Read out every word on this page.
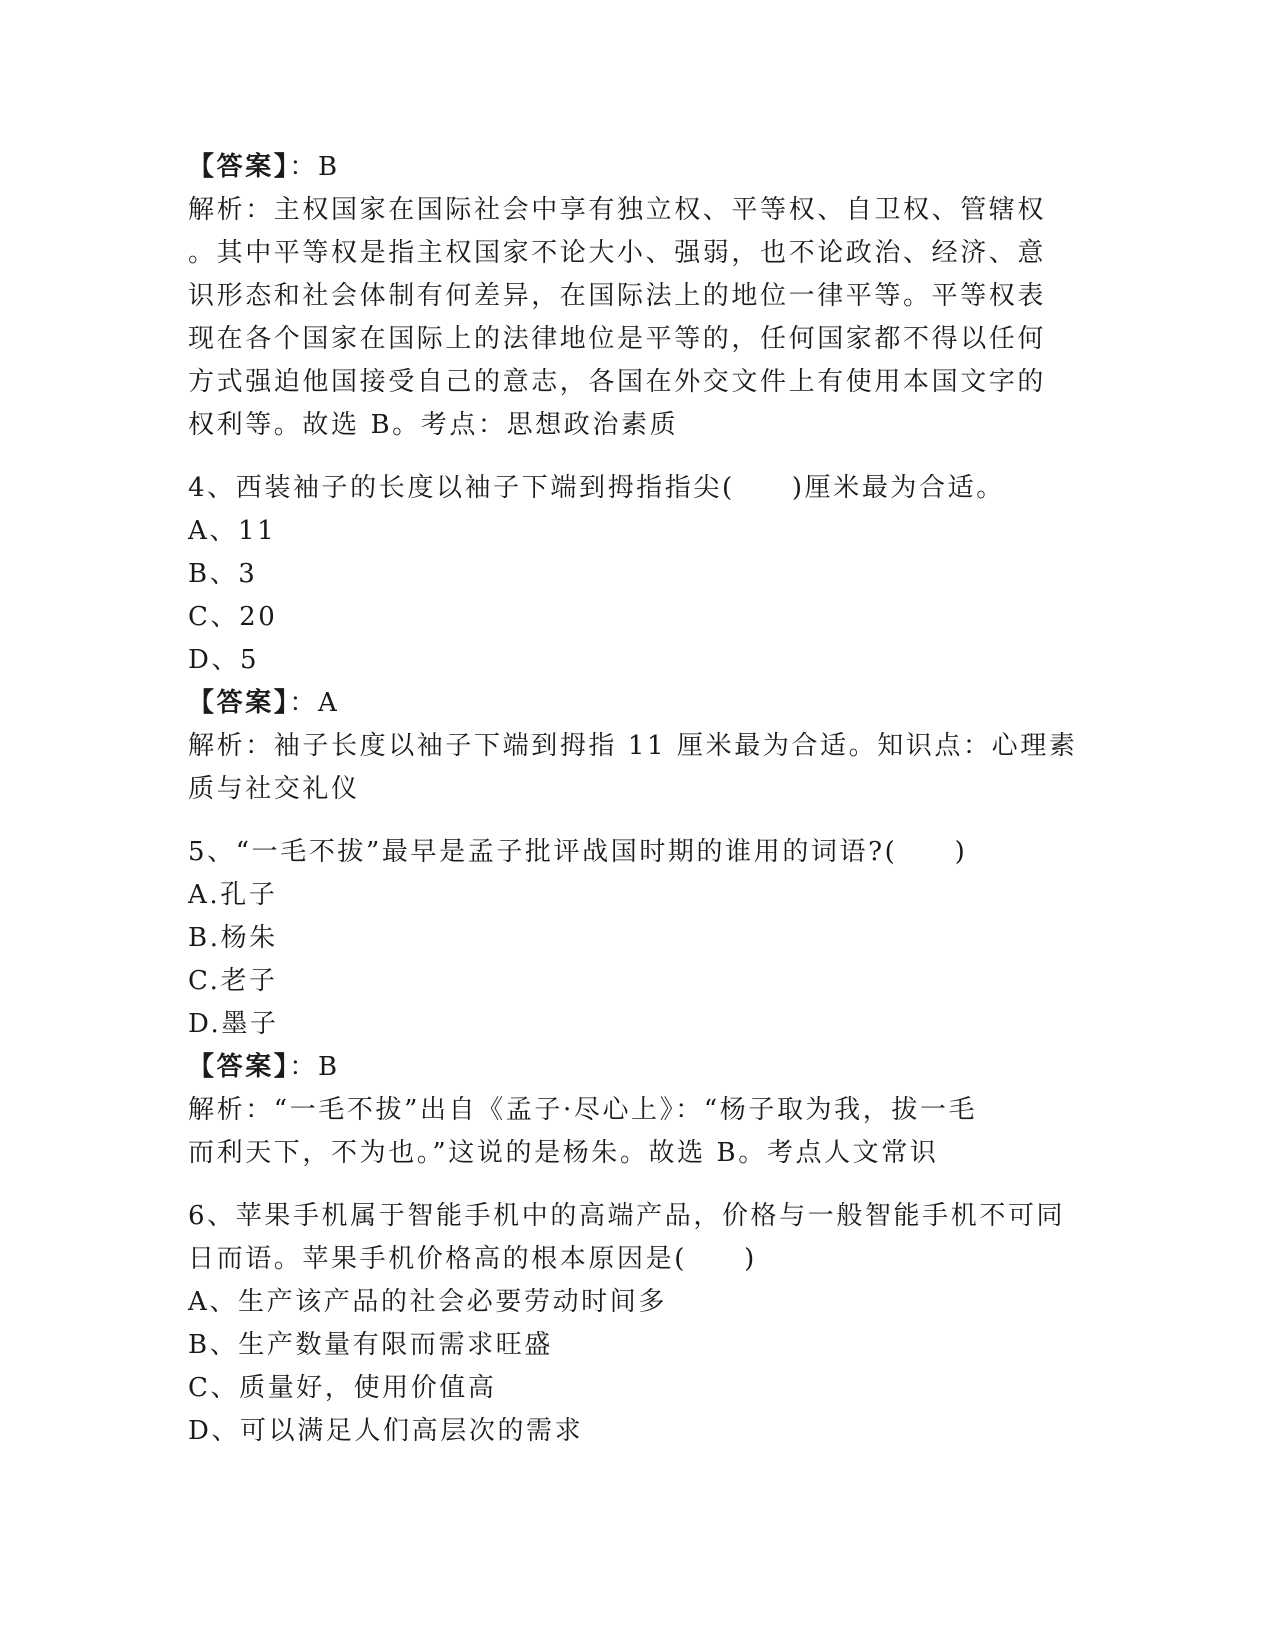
【答案】：B
解析：主权国家在国际社会中享有独立权、平等权、自卫权、管辖权
。其中平等权是指主权国家不论大小、强弱，也不论政治、经济、意
识形态和社会体制有何差异，在国际法上的地位一律平等。平等权表
现在各个国家在国际上的法律地位是平等的，任何国家都不得以任何
方式强迫他国接受自己的意志，各国在外交文件上有使用本国文字的
权利等。故选 B。考点：思想政治素质
4、西装袖子的长度以袖子下端到拇指指尖(　　)厘米最为合适。
A、11
B、3
C、20
D、5
【答案】：A
解析：袖子长度以袖子下端到拇指 11 厘米最为合适。知识点：心理素
质与社交礼仪
5、“一毛不拔”最早是孟子批评战国时期的谁用的词语?(　　)
A.孔子
B.杨朱
C.老子
D.墨子
【答案】：B
解析：“一毛不拔”出自《孟子·尽心上》：“杨子取为我，拔一毛
而利天下，不为也。”这说的是杨朱。故选 B。考点人文常识
6、苹果手机属于智能手机中的高端产品，价格与一般智能手机不可同
日而语。苹果手机价格高的根本原因是(　　)
A、生产该产品的社会必要劳动时间多
B、生产数量有限而需求旺盛
C、质量好，使用价值高
D、可以满足人们高层次的需求
